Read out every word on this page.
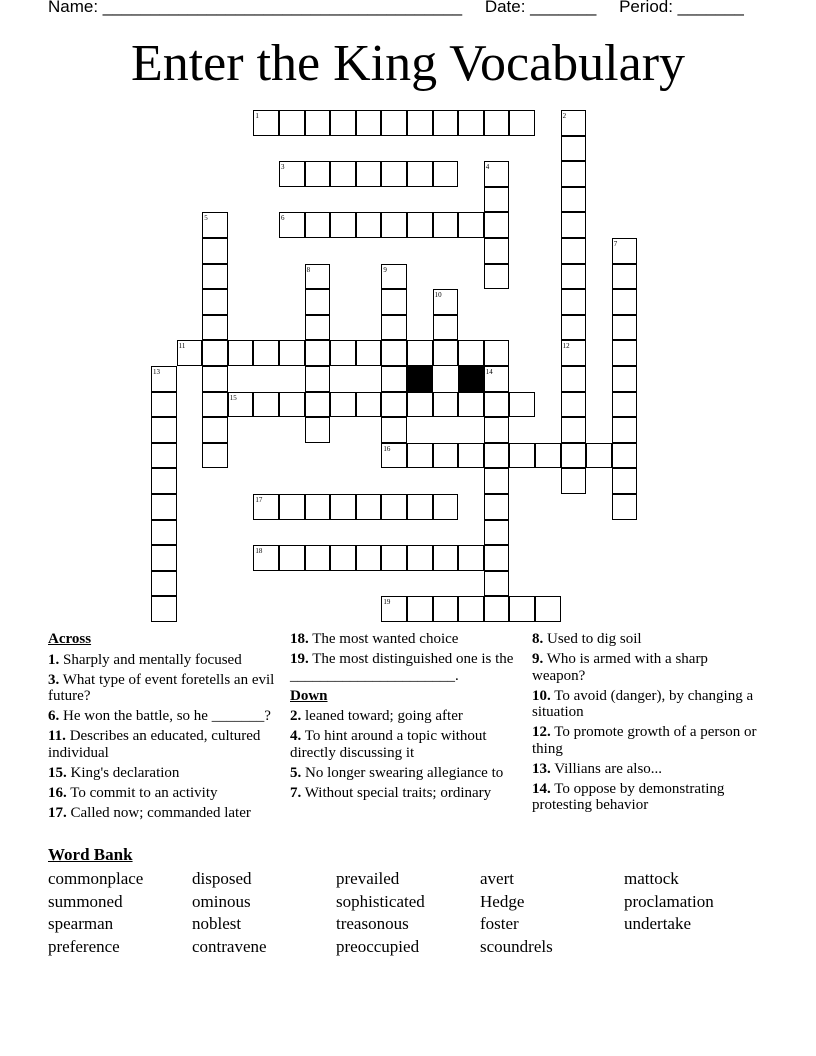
Name: ______________________________________ Date: _______ Period: _______
Enter the King Vocabulary
1
3
6
11
15
16
17
18
19
2
12
4
5
7
8	9
10
13	14
Across
1. Sharply and mentally focused
3. What type of event foretells an evil future?
6. He won the battle, so he _______?
11. Describes an educated, cultured individual
15. King's declaration
16. To commit to an activity
17. Called now; commanded later
18. The most wanted choice
19. The most distinguished one is the ______________________.
Down
2. leaned toward; going after
4. To hint around a topic without directly discussing it
5. No longer swearing allegiance to
7. Without special traits; ordinary
8. Used to dig soil
9. Who is armed with a sharp weapon?
10. To avoid (danger), by changing a situation
12. To promote growth of a person or thing
13. Villians are also...
14. To oppose by demonstrating protesting behavior
Word Bank
commonplace
summoned
spearman
preference
disposed
ominous
noblest
contravene
prevailed
sophisticated
treasonous
preoccupied
avert
Hedge
foster
scoundrels
mattock
proclamation
undertake
